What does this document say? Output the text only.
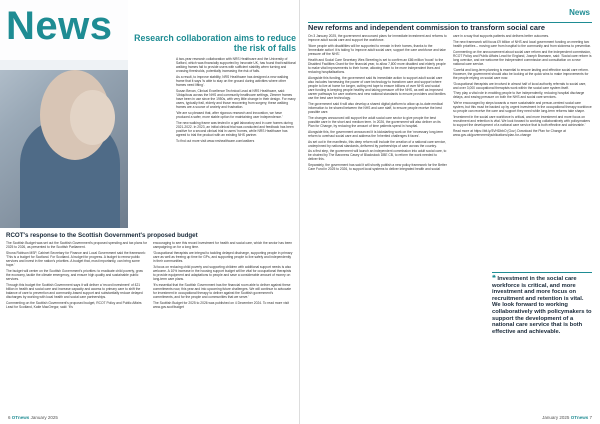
News Research collaboration aims to reduce the risk of falls

A two-year research collaboration with NRS Healthcare and the University of Salford, which was financially supported by Innovate UK, has found that traditional walking frames fail to provide users with sufficient stability when turning and crossing thresholds, potentially increasing the risk of falls.

As a result, to improve stability, NRS Healthcare has designed a new walking frame that it says 'is able to stay on the ground during activities where other frames need lifting'.

Susan Bevan, Clinical Excellence Technical Lead at NRS Healthcare, said: 'Ubiquitous across the NHS and community healthcare settings, Zimmer frames have been in use since the 1950s, with very little change in their design. For many users, typically frail, elderly and those recovering from surgery, these walking frames are a source of anxiety and frustration.

'We are so pleased that, after rigorous research and innovation, we have produced a safer, more stable option for maintaining user independence.'

The new walking frame was tested in a gait laboratory and in care homes during 2021-2022. In 2023, an initial clinical trial was conducted and feedback has been positive for a second clinical trial in users' homes, while NRS Healthcare has agreed to trial the product with an existing NHS partner.

To find out more visit www.nrshealthcare.com/walkers

RCOT's response to the Scottish Government's proposed budget

The Scottish Budget was set out the Scottish Government's proposed spending and tax plans for 2025 to 2026, as presented to the Scottish Parliament.

Shona Robison MSP, Cabinet Secretary for Finance and Local Government said the framework: 'This is a budget for Scotland. For Scotland. A budget for progress. A budget to renew public services and invest in the nation's priorities. A budget that, most importantly, can bring some hope.'

The budget will center on the Scottish Government's priorities: to eradicate child poverty, grow the economy, tackle the climate emergency, and ensure high quality and sustainable public services.

Through this budget the Scottish Government says it will deliver a 'record investment' of £21 billion in health and social care and increase capacity and access to primary care to shift the balance of care to prevention and community-based support and substantially reduce delayed discharges by working with local health and social care partnerships.

Commenting on the Scottish Government's proposed budget, RCOT Policy and Public Affairs Lead for Scotland, Katie MacGregor, said: 'It's

encouraging to see this record investment for health and social care, which the sector has been campaigning on for a long time.

'Occupational therapists are integral to tackling delayed discharge, supporting people in primary care as well as freeing up time for GPs, and supporting people to live safely and independently in their communities.

'A focus on reducing child poverty and supporting children with additional support needs is also welcome. A 10% increase in the housing support budget will be vital for occupational therapists to provide equipment and adaptations to people and save a considerable amount of money on long-term care plans.

'It's essential that the Scottish Government has the financial room able to deliver against these commitments now, this year and into upcoming future challenges. We will continue to advocate for investment in occupational therapy to deliver against the Scottish government's commitments, and for the people and communities that we serve.'

The Scottish Budget for 2025 to 2026 was published on 4 December 2024. To read more visit www.gov.scot/budget

6 OTnews January 2025
News
New reforms and independent commission to transform social care

On 3 January 2025, the government announced plans for immediate investment and reforms to improve adult social care and support the workforce.

'More people with disabilities will be supported to remain in their homes, thanks to the 'immediate action' it is taking 'to improve adult social care, support the care workforce and take pressure off the NHS'.

Health and Social Care Secretary Wes Streeting is set to confirm an £86 million 'boost' to the Disabled Facilities Grant for the financial year, to allow 7,800 more disabled and elderly people to make vital improvements to their home, allowing them to be more independent lives and reducing hospitalisations.

Alongside this funding, the government said its immediate action to support adult social care also includes harnessing the power of care technology to transform care and support where people to live at home for longer, cutting red tape to ensure billions of over NHS and social care funding is keeping people healthy and taking pressure off the NHS, as well as improved career pathways for care workers and new national standards to ensure providers and families use the best care technology.

The government said it will also develop a shared digital platform to allow up-to-date medical information to be shared between the NHS and care staff, to ensure people receive the best possible care.

The changes announced will support the adult social care sector to give people the best possible care in the short and medium term. In 2026, the government will also deliver on its Plan for Change, by reducing the amount of time patients spend in hospital.

Alongside this, the government announced it is kickstarting work on the 'necessary long-term reform to overhaul social care and address the 'inherited challenges it faces'.

As set out in the manifesto, this deep reform will include the creation of a national care service, underpinned by national standards, delivered by partnerships of care across the country.

As a first step, the government will launch an independent commission into adult social care, to be chaired by The Baroness Casey of Blackstock DBE CB, to reform the work needed to deliver this.

Separately, the government has said it will shortly publish a new policy framework for the Better Care Fund in 2025 to 2026, to support local systems to deliver integrated health and social

care in a way that supports patients and delivers better outcomes.

The new framework will focus £9 billion of NHS and local government funding on meeting two health priorities – moving care from hospital to the community and from sickness to prevention.

Commenting on the announcement about social care reform and the independent commission, RCOT Policy and Public Affairs Lead for England, Joseph Bramann, said: 'Social care reform is long overdue, and we welcome the independent commission and consultation on a new national care service.

'Careful and long-term planning is essential to ensure lasting and effective social care reform. However, the government should also be looking at the quick wins to make improvements for the people relying on social care now.

'Occupational therapists are involved in almost half of local authority referrals to social care, and over 3,000 occupational therapists work within the social care system itself.

'They play a vital role in enabling people to live independently, reducing hospital discharge delays, and easing pressure on both the NHS and social care services.

'We're encouraged by steps towards a more sustainable and person-centred social care system, but this must be backed up by urgent investment in the occupational therapy workforce so people can receive the care and support they need while long-term reforms take shape.

'Investment in the social care workforce is critical, and more investment and more focus on recruitment and retention is vital. We look forward to working collaboratively with policymakers to support the development of a national care service that is both effective and achievable.'

Read more at https://bit.ly/3VHDbbO (Gov.) Download the Plan for Change at www.gov.uk/government/publications/plan-for-change

❝ Investment in the social care workforce is critical, and more investment and more focus on recruitment and retention is vital. We look forward to working collaboratively with policymakers to support the development of a national care service that is both effective and achievable.
January 2025 OTnews 7
